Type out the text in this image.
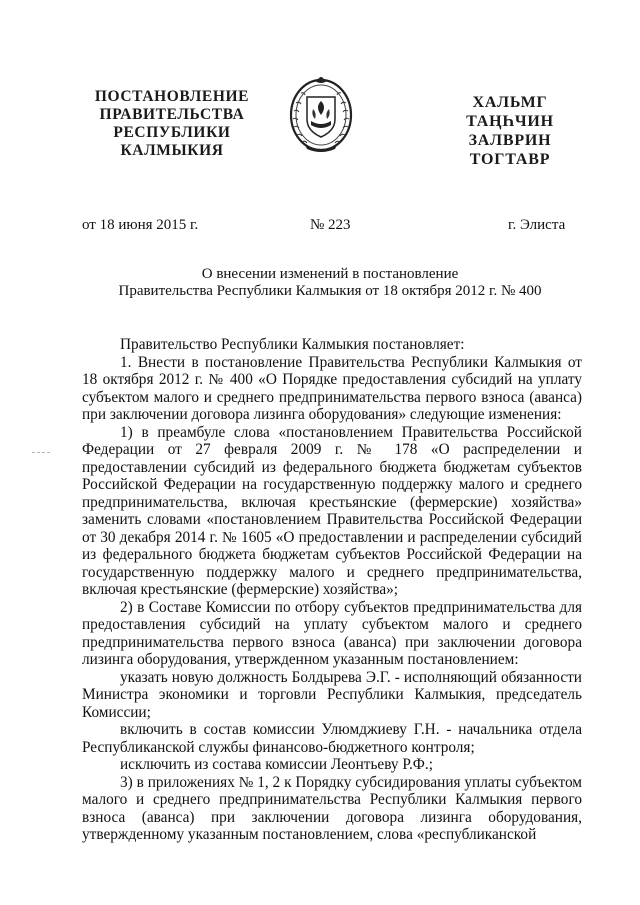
ПОСТАНОВЛЕНИЕ
ПРАВИТЕЛЬСТВА
РЕСПУБЛИКИ
КАЛМЫКИЯ
ХАЛЬМГ
ТАҢҺЧИН
ЗАЛВРИН
ТОГТАВР
от 18 июня 2015 г.	№ 223	г. Элиста
О внесении изменений в постановление
Правительства Республики Калмыкия от 18 октября 2012 г. № 400

Правительство Республики Калмыкия постановляет:

1. Внести в постановление Правительства Республики Калмыкия от 18 октября 2012 г. № 400 «О Порядке предоставления субсидий на уплату субъектом малого и среднего предпринимательства первого взноса (аванса) при заключении договора лизинга оборудования» следующие изменения:

1) в преамбуле слова «постановлением Правительства Российской Федерации от 27 февраля 2009 г. № 178 «О распределении и предоставлении субсидий из федерального бюджета бюджетам субъектов Российской Федерации на государственную поддержку малого и среднего предпринимательства, включая крестьянские (фермерские) хозяйства» заменить словами «постановлением Правительства Российской Федерации от 30 декабря 2014 г. № 1605 «О предоставлении и распределении субсидий из федерального бюджета бюджетам субъектов Российской Федерации на государственную поддержку малого и среднего предпринимательства, включая крестьянские (фермерские) хозяйства»;

2) в Составе Комиссии по отбору субъектов предпринимательства для предоставления субсидий на уплату субъектом малого и среднего предпринимательства первого взноса (аванса) при заключении договора лизинга оборудования, утвержденном указанным постановлением:

указать новую должность Болдырева Э.Г. - исполняющий обязанности Министра экономики и торговли Республики Калмыкия, председатель Комиссии;

включить в состав комиссии Улюмджиеву Г.Н. - начальника отдела Республиканской службы финансово-бюджетного контроля;

исключить из состава комиссии Леонтьеву Р.Ф.;

3) в приложениях № 1, 2 к Порядку субсидирования уплаты субъектом малого и среднего предпринимательства Республики Калмыкия первого взноса (аванса) при заключении договора лизинга оборудования, утвержденному указанным постановлением, слова «республиканской
